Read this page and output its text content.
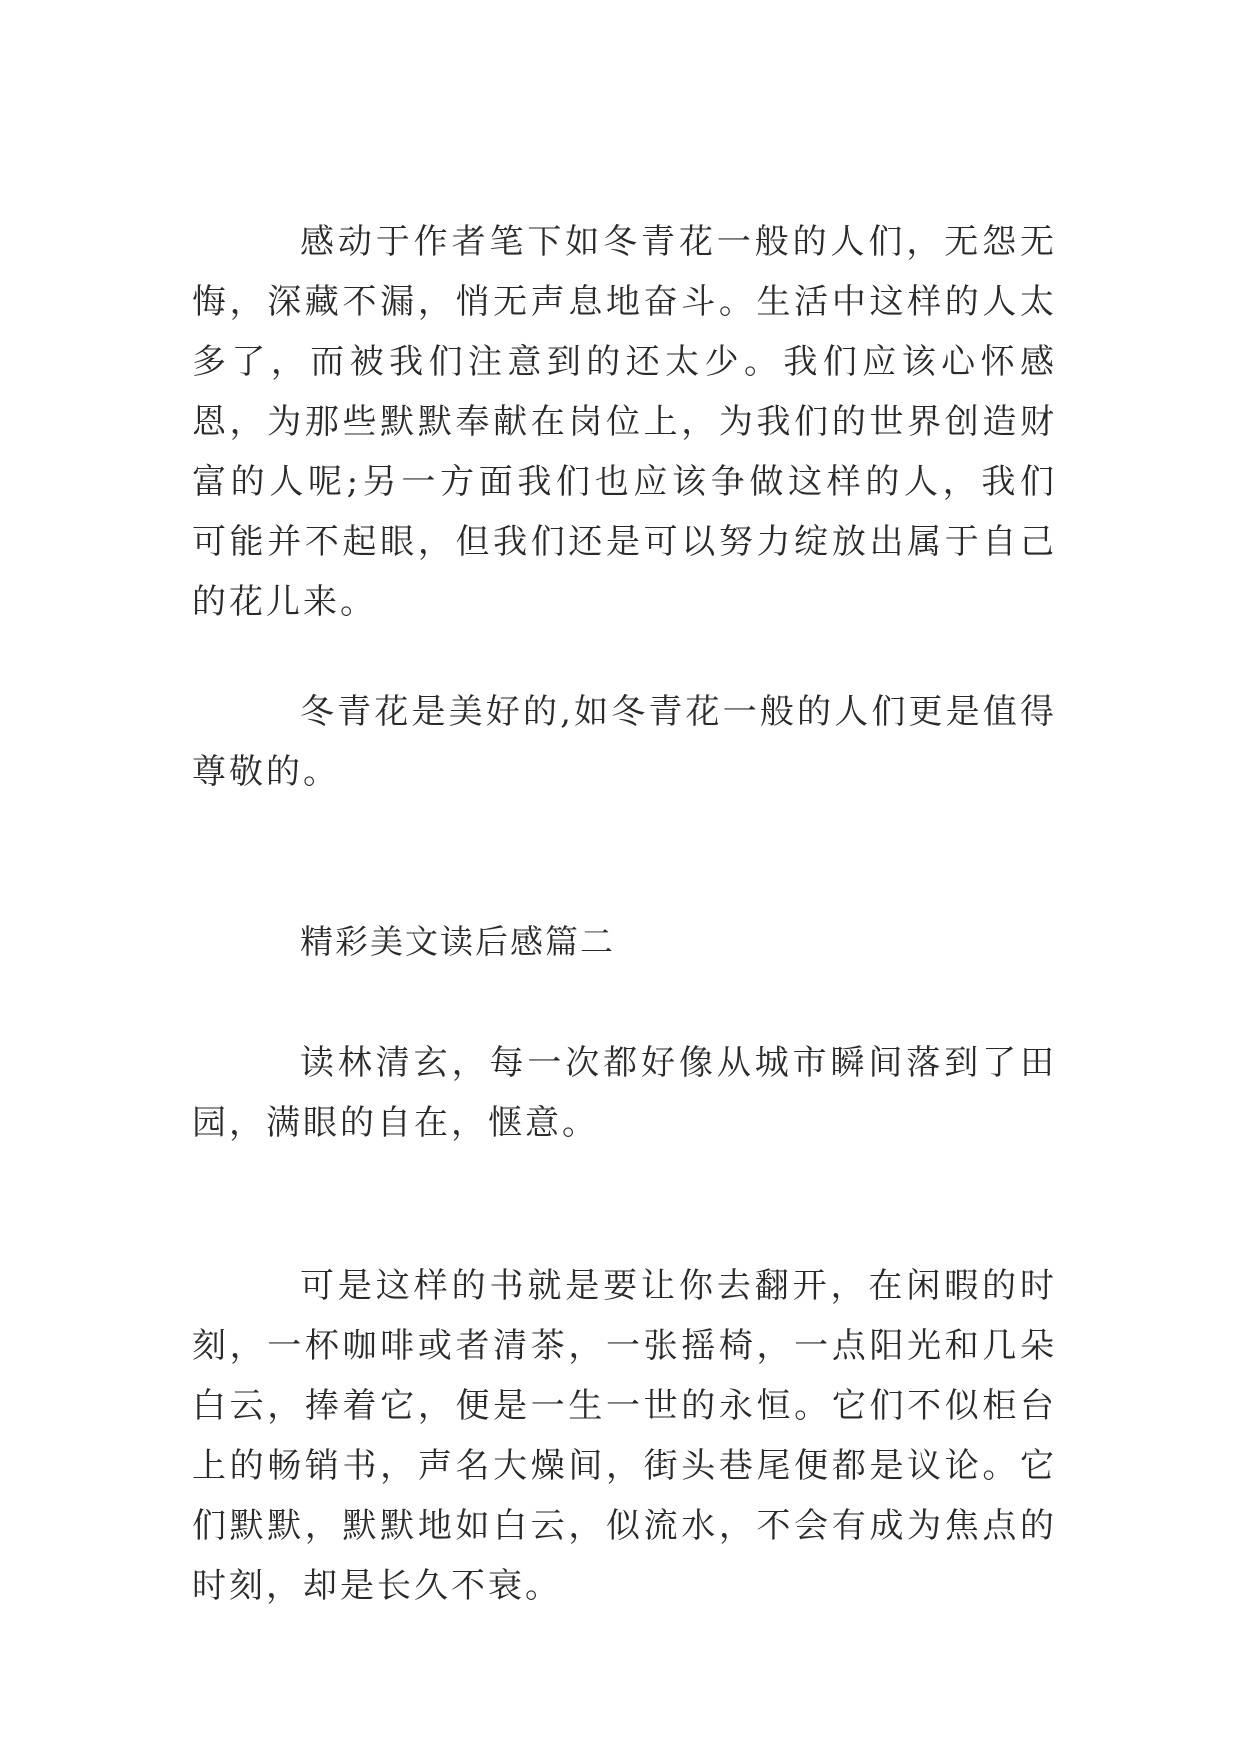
感动于作者笔下如冬青花一般的人们，无怨无悔，深藏不漏，悄无声息地奋斗。生活中这样的人太多了，而被我们注意到的还太少。我们应该心怀感恩，为那些默默奉献在岗位上，为我们的世界创造财富的人呢;另一方面我们也应该争做这样的人，我们可能并不起眼，但我们还是可以努力绽放出属于自己的花儿来。

冬青花是美好的,如冬青花一般的人们更是值得尊敬的。

精彩美文读后感篇二

读林清玄，每一次都好像从城市瞬间落到了田园，满眼的自在，惬意。

可是这样的书就是要让你去翻开，在闲暇的时刻，一杯咖啡或者清茶，一张摇椅，一点阳光和几朵白云，捧着它，便是一生一世的永恒。它们不似柜台上的畅销书，声名大燥间，街头巷尾便都是议论。它们默默，默默地如白云，似流水，不会有成为焦点的时刻，却是长久不衰。
